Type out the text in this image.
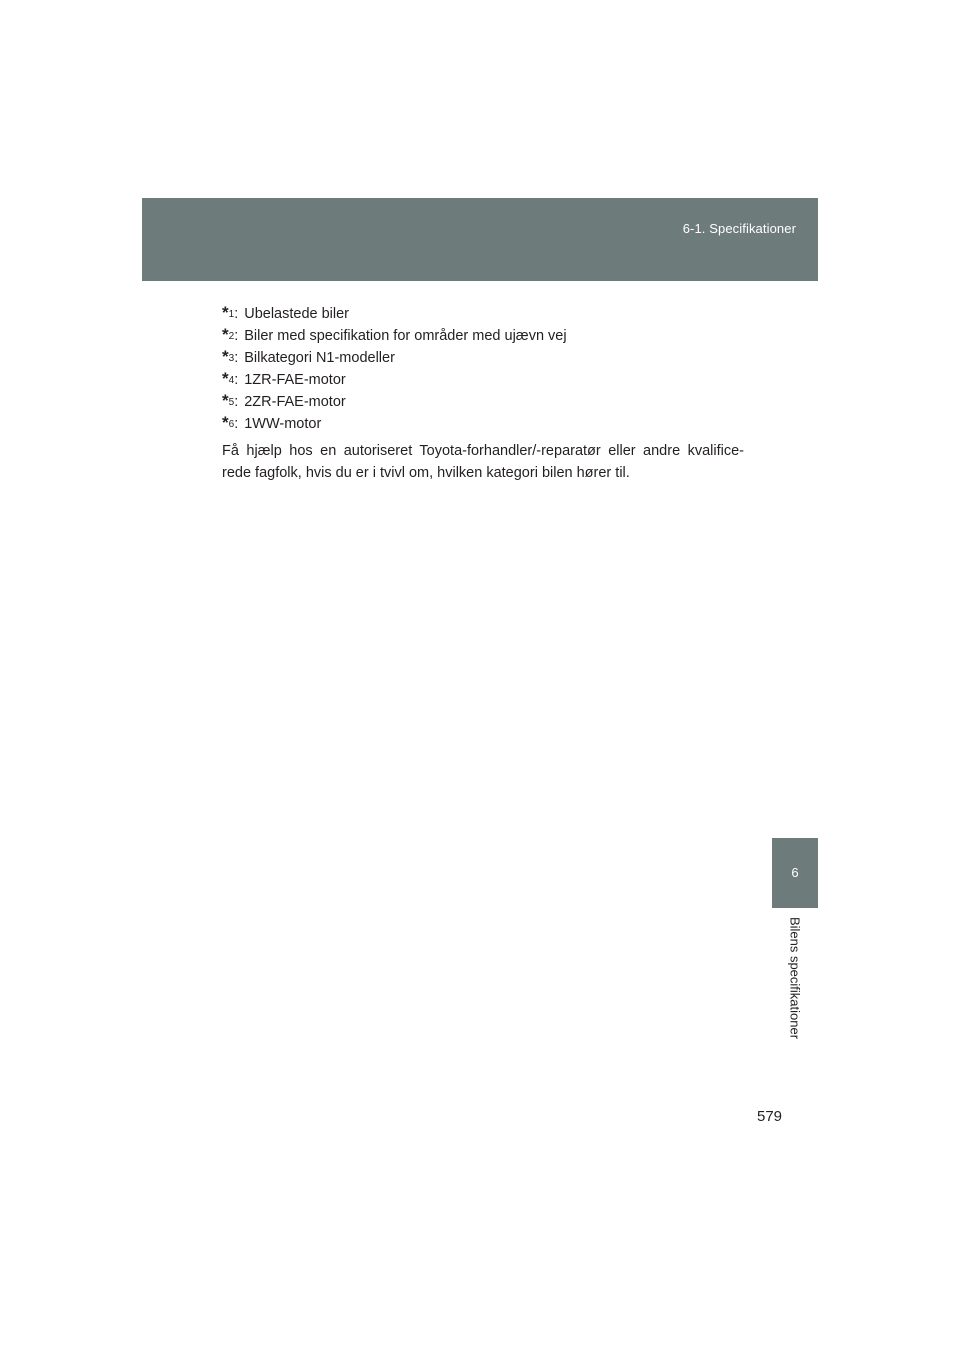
6-1. Specifikationer
*$^1$ : Ubelastede biler
*$^2$ : Biler med specifikation for områder med ujævn vej
*$^3$ : Bilkategori N1-modeller
*$^4$ : 1ZR-FAE-motor
*$^5$ : 2ZR-FAE-motor
*$^6$ : 1WW-motor

Få hjælp hos en autoriseret Toyota-forhandler/-reparatør eller andre kvalifice-rede fagfolk, hvis du er i tvivl om, hvilken kategori bilen hører til.

6
Bilens specifikationer
579
